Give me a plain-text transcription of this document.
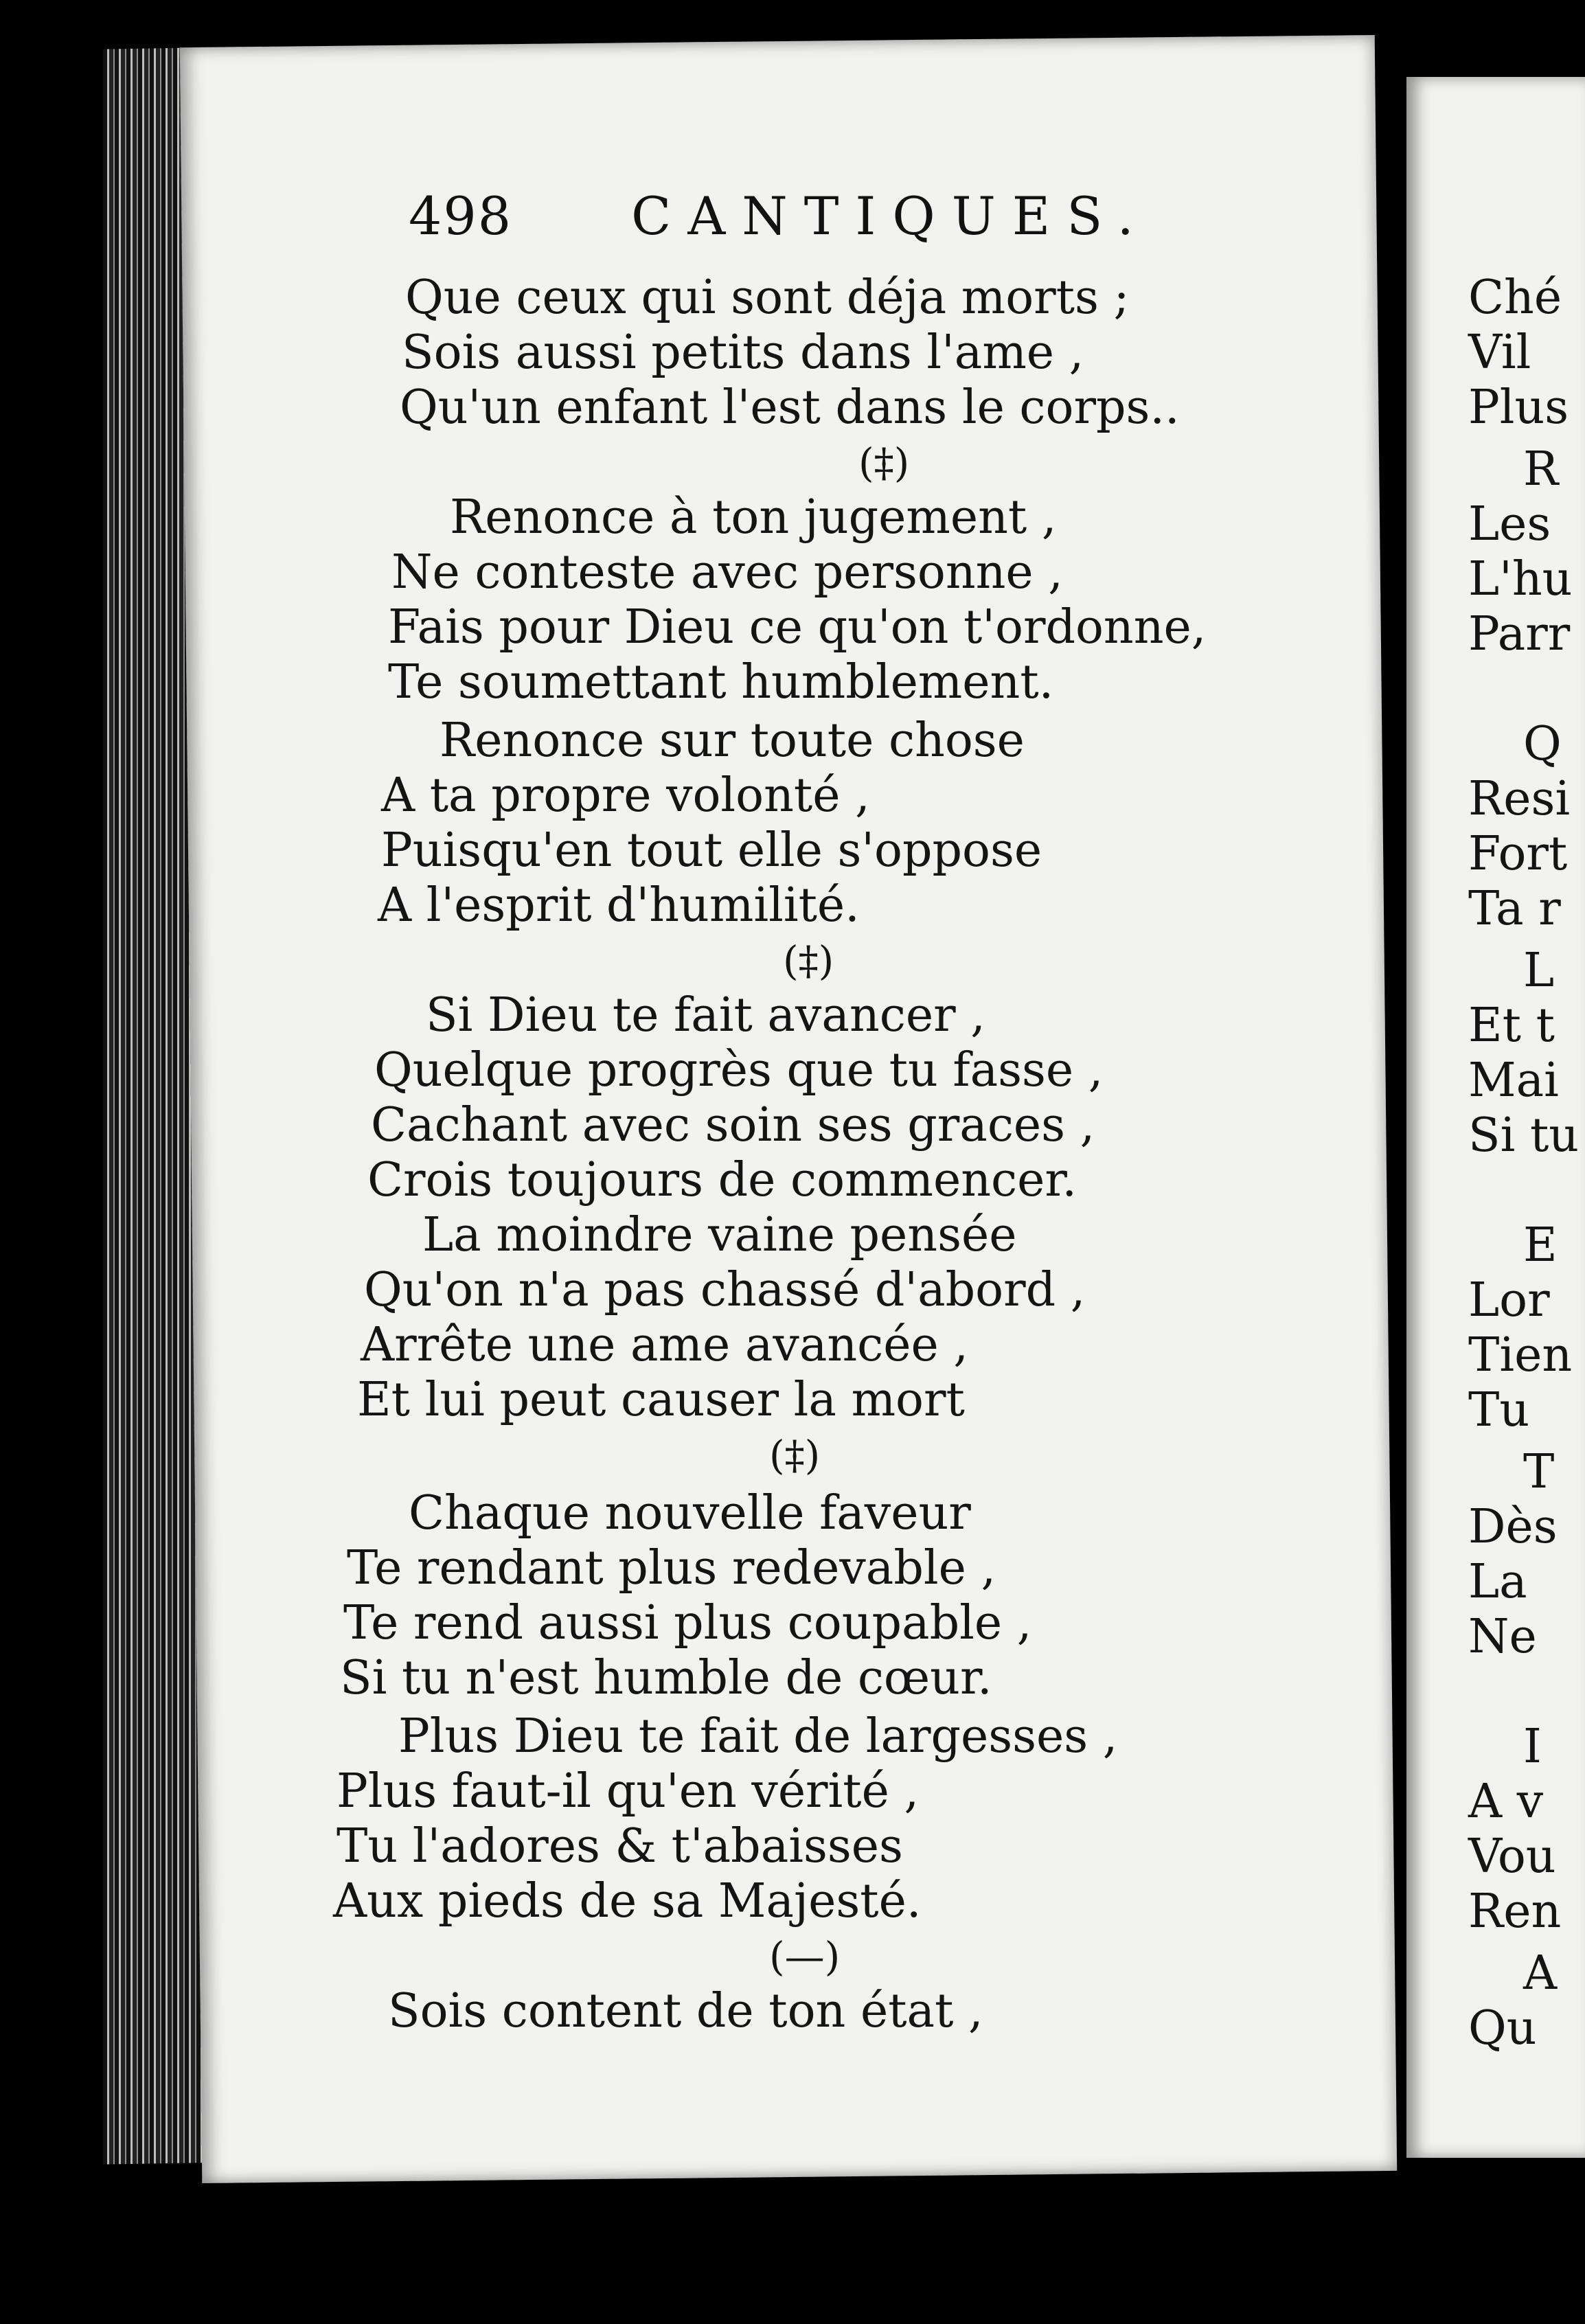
498 CANTIQUES.
Que ceux qui sont déja morts ;
Sois aussi petits dans l'ame ,
Qu'un enfant l'est dans le corps..
(‡)
Renonce à ton jugement ,
Ne conteste avec personne ,
Fais pour Dieu ce qu'on t'ordonne,
Te soumettant humblement.
Renonce sur toute chose
A ta propre volonté ,
Puisqu'en tout elle s'oppose
A l'esprit d'humilité.
(‡)
Si Dieu te fait avancer ,
Quelque progrès que tu fasse ,
Cachant avec soin ses graces ,
Crois toujours de commencer.
La moindre vaine pensée
Qu'on n'a pas chassé d'abord ,
Arrête une ame avancée ,
Et lui peut causer la mort
(‡)
Chaque nouvelle faveur
Te rendant plus redevable ,
Te rend aussi plus coupable ,
Si tu n'est humble de cœur.
Plus Dieu te fait de largesses ,
Plus faut-il qu'en vérité ,
Tu l'adores & t'abaisses
Aux pieds de sa Majesté.
(—)
Sois content de ton état ,
Ché
Vil
Plus
R
Les
L'hu
Parr
Q
Resi
Fort
Ta r
L
Et t
Mai
Si tu
E
Lor
Tien
Tu
T
Dès
La
Ne
I
A v
Vou
Ren
A
Qu
